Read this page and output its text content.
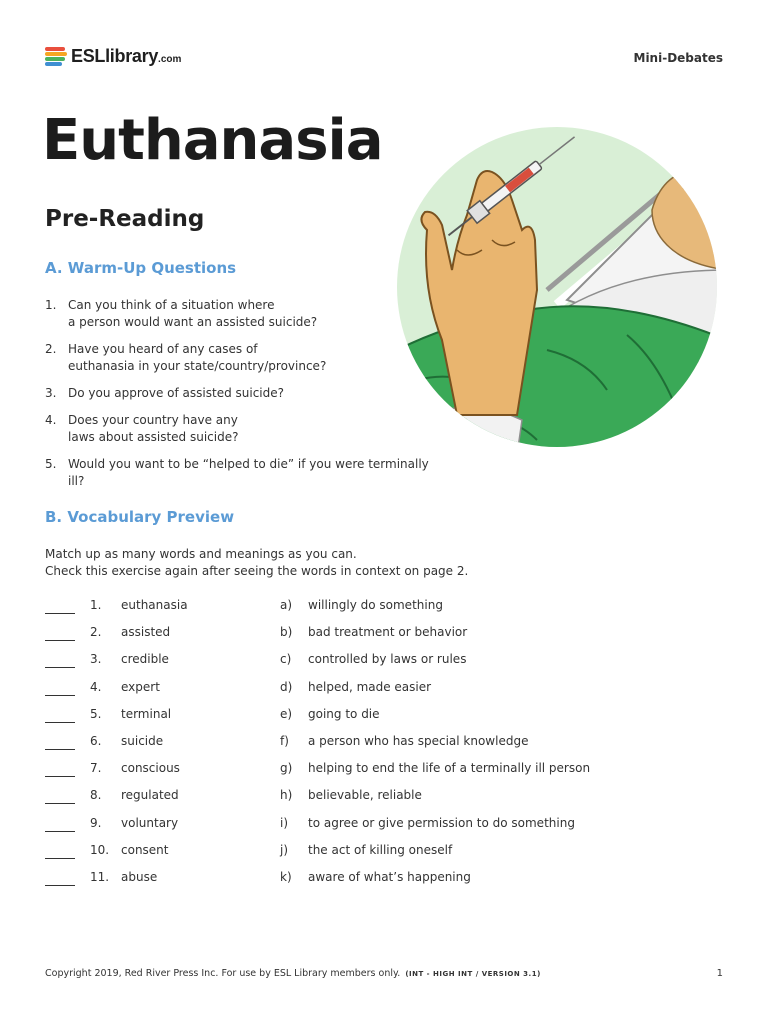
ESLlibrary .com	Mini-Debates
Euthanasia
Pre-Reading
A. Warm-Up Questions
1. Can you think of a situation where
a person would want an assisted suicide?
2. Have you heard of any cases of
euthanasia in your state/country/province?
3. Do you approve of assisted suicide?
4. Does your country have any
laws about assisted suicide?
5. Would you want to be “helped to die” if you were terminally ill?
B. Vocabulary Preview
Match up as many words and meanings as you can.
Check this exercise again after seeing the words in context on page 2.
1. euthanasia	a) willingly do something
2. assisted	b) bad treatment or behavior
3. credible	c) controlled by laws or rules
4. expert	d) helped, made easier
5. terminal	e) going to die
6. suicide	f) a person who has special knowledge
7. conscious	g) helping to end the life of a terminally ill person
8. regulated	h) believable, reliable
9. voluntary	i) to agree or give permission to do something
10. consent	j) the act of killing oneself
11. abuse	k) aware of what’s happening
Copyright 2019, Red River Press Inc. For use by ESL Library members only. (INT - HIGH INT / VERSION 3.1)	1
